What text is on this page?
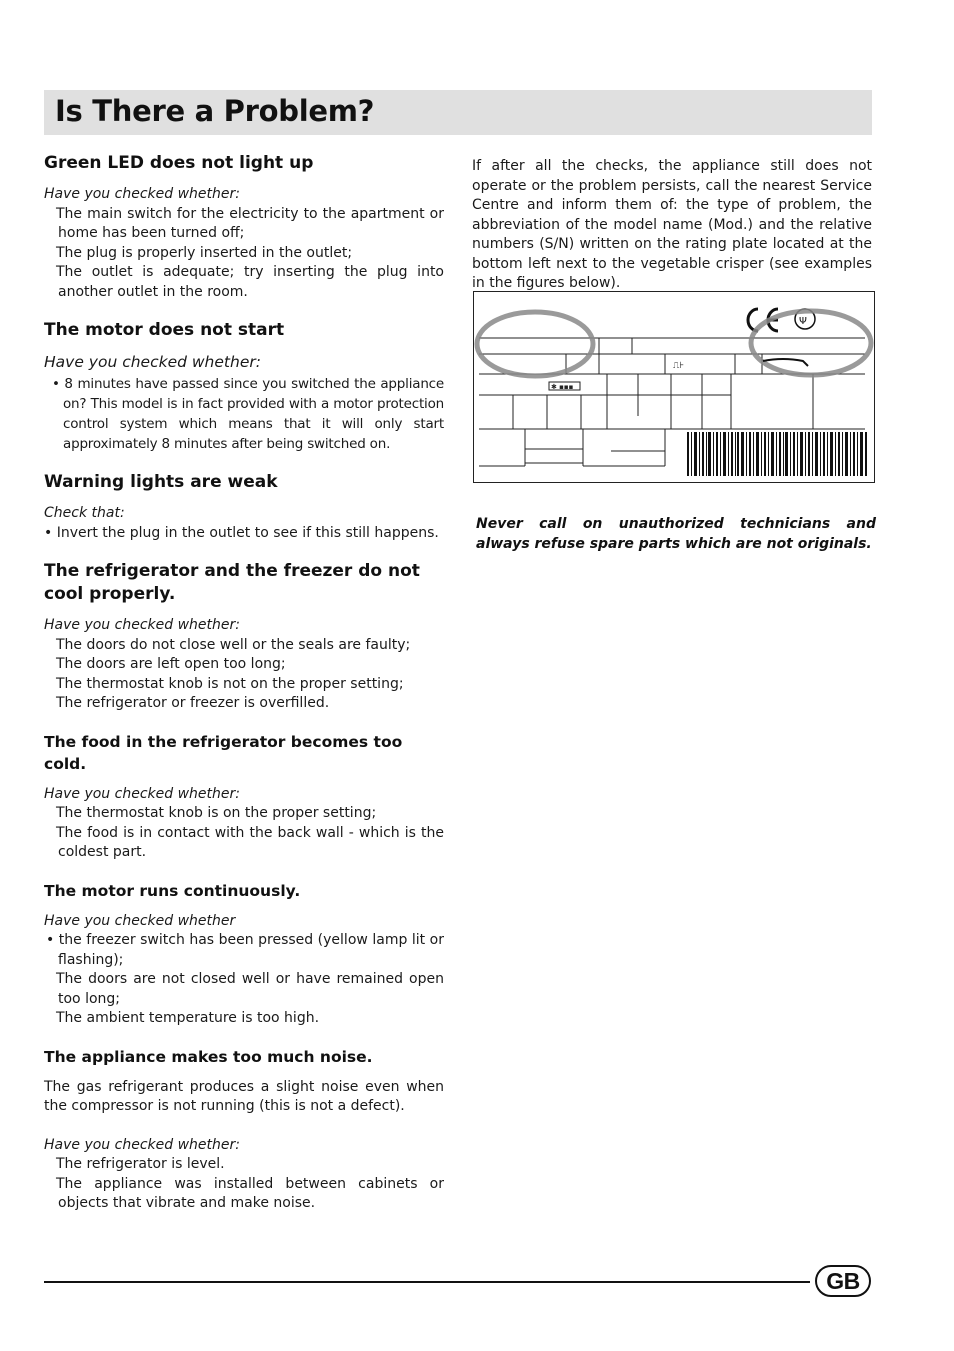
Is There a Problem?
Green LED does not light up

Have you checked whether:

The main switch for the electricity to the apartment or home has been turned off;

The plug is properly inserted in the outlet;

The outlet is adequate; try inserting the plug into another outlet in the room.

The motor does not start

Have you checked whether:

• 8 minutes have passed since you switched the appliance on? This model is in fact provided with a motor protection control system which means that it will only start approximately 8 minutes after being switched on.

Warning lights are weak

Check that:

• Invert the plug in the outlet to see if this still happens.

The refrigerator and the freezer do not cool properly.

Have you checked whether:

The doors do not close well or the seals are faulty;

The doors are left open too long;

The thermostat knob is not on the proper setting;

The refrigerator or freezer is overfilled.

The food in the refrigerator becomes too cold.

Have you checked whether:

The thermostat knob is on the proper setting;

The food is in contact with the back wall - which is the coldest part.

The motor runs continuously.

Have you checked whether

• the freezer switch has been pressed (yellow lamp lit or flashing);

The doors are not closed well or have remained open too long;

The ambient temperature is too high.

The appliance makes too much noise.

The gas refrigerant produces a slight noise even when the compressor is not running (this is not a defect).

Have you checked whether:

The refrigerator is level.

The appliance was installed between cabinets or objects that vibrate and make noise.

If after all the checks, the appliance still does not operate or the problem persists, call the nearest Service Centre and inform them of: the type of problem, the abbreviation of the model name (Mod.) and the relative numbers (S/N) written on the rating plate located at the bottom left next to the vegetable crisper (see examples in the figures below).

⎍⊦
✱ ▪▪▪
Ψ
Never call on unauthorized technicians and always refuse spare parts which are not originals.
GB
